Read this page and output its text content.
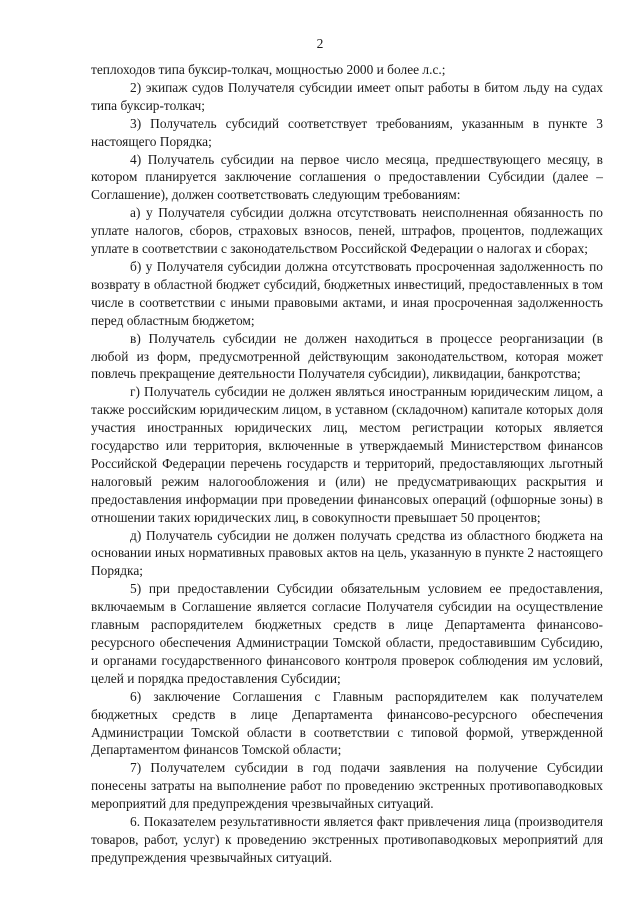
2

теплоходов типа буксир-толкач, мощностью 2000 и более л.с.;

2) экипаж судов Получателя субсидии имеет опыт работы в битом льду на судах типа буксир-толкач;

3) Получатель субсидий соответствует требованиям, указанным в пункте 3 настоящего Порядка;

4) Получатель субсидии на первое число месяца, предшествующего месяцу, в котором планируется заключение соглашения о предоставлении Субсидии (далее – Соглашение), должен соответствовать следующим требованиям:

а) у Получателя субсидии должна отсутствовать неисполненная обязанность по уплате налогов, сборов, страховых взносов, пеней, штрафов, процентов, подлежащих уплате в соответствии с законодательством Российской Федерации о налогах и сборах;

б) у Получателя субсидии должна отсутствовать просроченная задолженность по возврату в областной бюджет субсидий, бюджетных инвестиций, предоставленных в том числе в соответствии с иными правовыми актами, и иная просроченная задолженность перед областным бюджетом;

в) Получатель субсидии не должен находиться в процессе реорганизации (в любой из форм, предусмотренной действующим законодательством, которая может повлечь прекращение деятельности Получателя субсидии), ликвидации, банкротства;

г) Получатель субсидии не должен являться иностранным юридическим лицом, а также российским юридическим лицом, в уставном (складочном) капитале которых доля участия иностранных юридических лиц, местом регистрации которых является государство или территория, включенные в утверждаемый Министерством финансов Российской Федерации перечень государств и территорий, предоставляющих льготный налоговый режим налогообложения и (или) не предусматривающих раскрытия и предоставления информации при проведении финансовых операций (офшорные зоны) в отношении таких юридических лиц, в совокупности превышает 50 процентов;

д) Получатель субсидии не должен получать средства из областного бюджета на основании иных нормативных правовых актов на цель, указанную в пункте 2 настоящего Порядка;

5) при предоставлении Субсидии обязательным условием ее предоставления, включаемым в Соглашение является согласие Получателя субсидии на осуществление главным распорядителем бюджетных средств в лице Департамента финансово-ресурсного обеспечения Администрации Томской области, предоставившим Субсидию, и органами государственного финансового контроля проверок соблюдения им условий, целей и порядка предоставления Субсидии;

6) заключение Соглашения с Главным распорядителем как получателем бюджетных средств в лице Департамента финансово-ресурсного обеспечения Администрации Томской области в соответствии с типовой формой, утвержденной Департаментом финансов Томской области;

7) Получателем субсидии в год подачи заявления на получение Субсидии понесены затраты на выполнение работ по проведению экстренных противопаводковых мероприятий для предупреждения чрезвычайных ситуаций.

6. Показателем результативности является факт привлечения лица (производителя товаров, работ, услуг) к проведению экстренных противопаводковых мероприятий для предупреждения чрезвычайных ситуаций.
